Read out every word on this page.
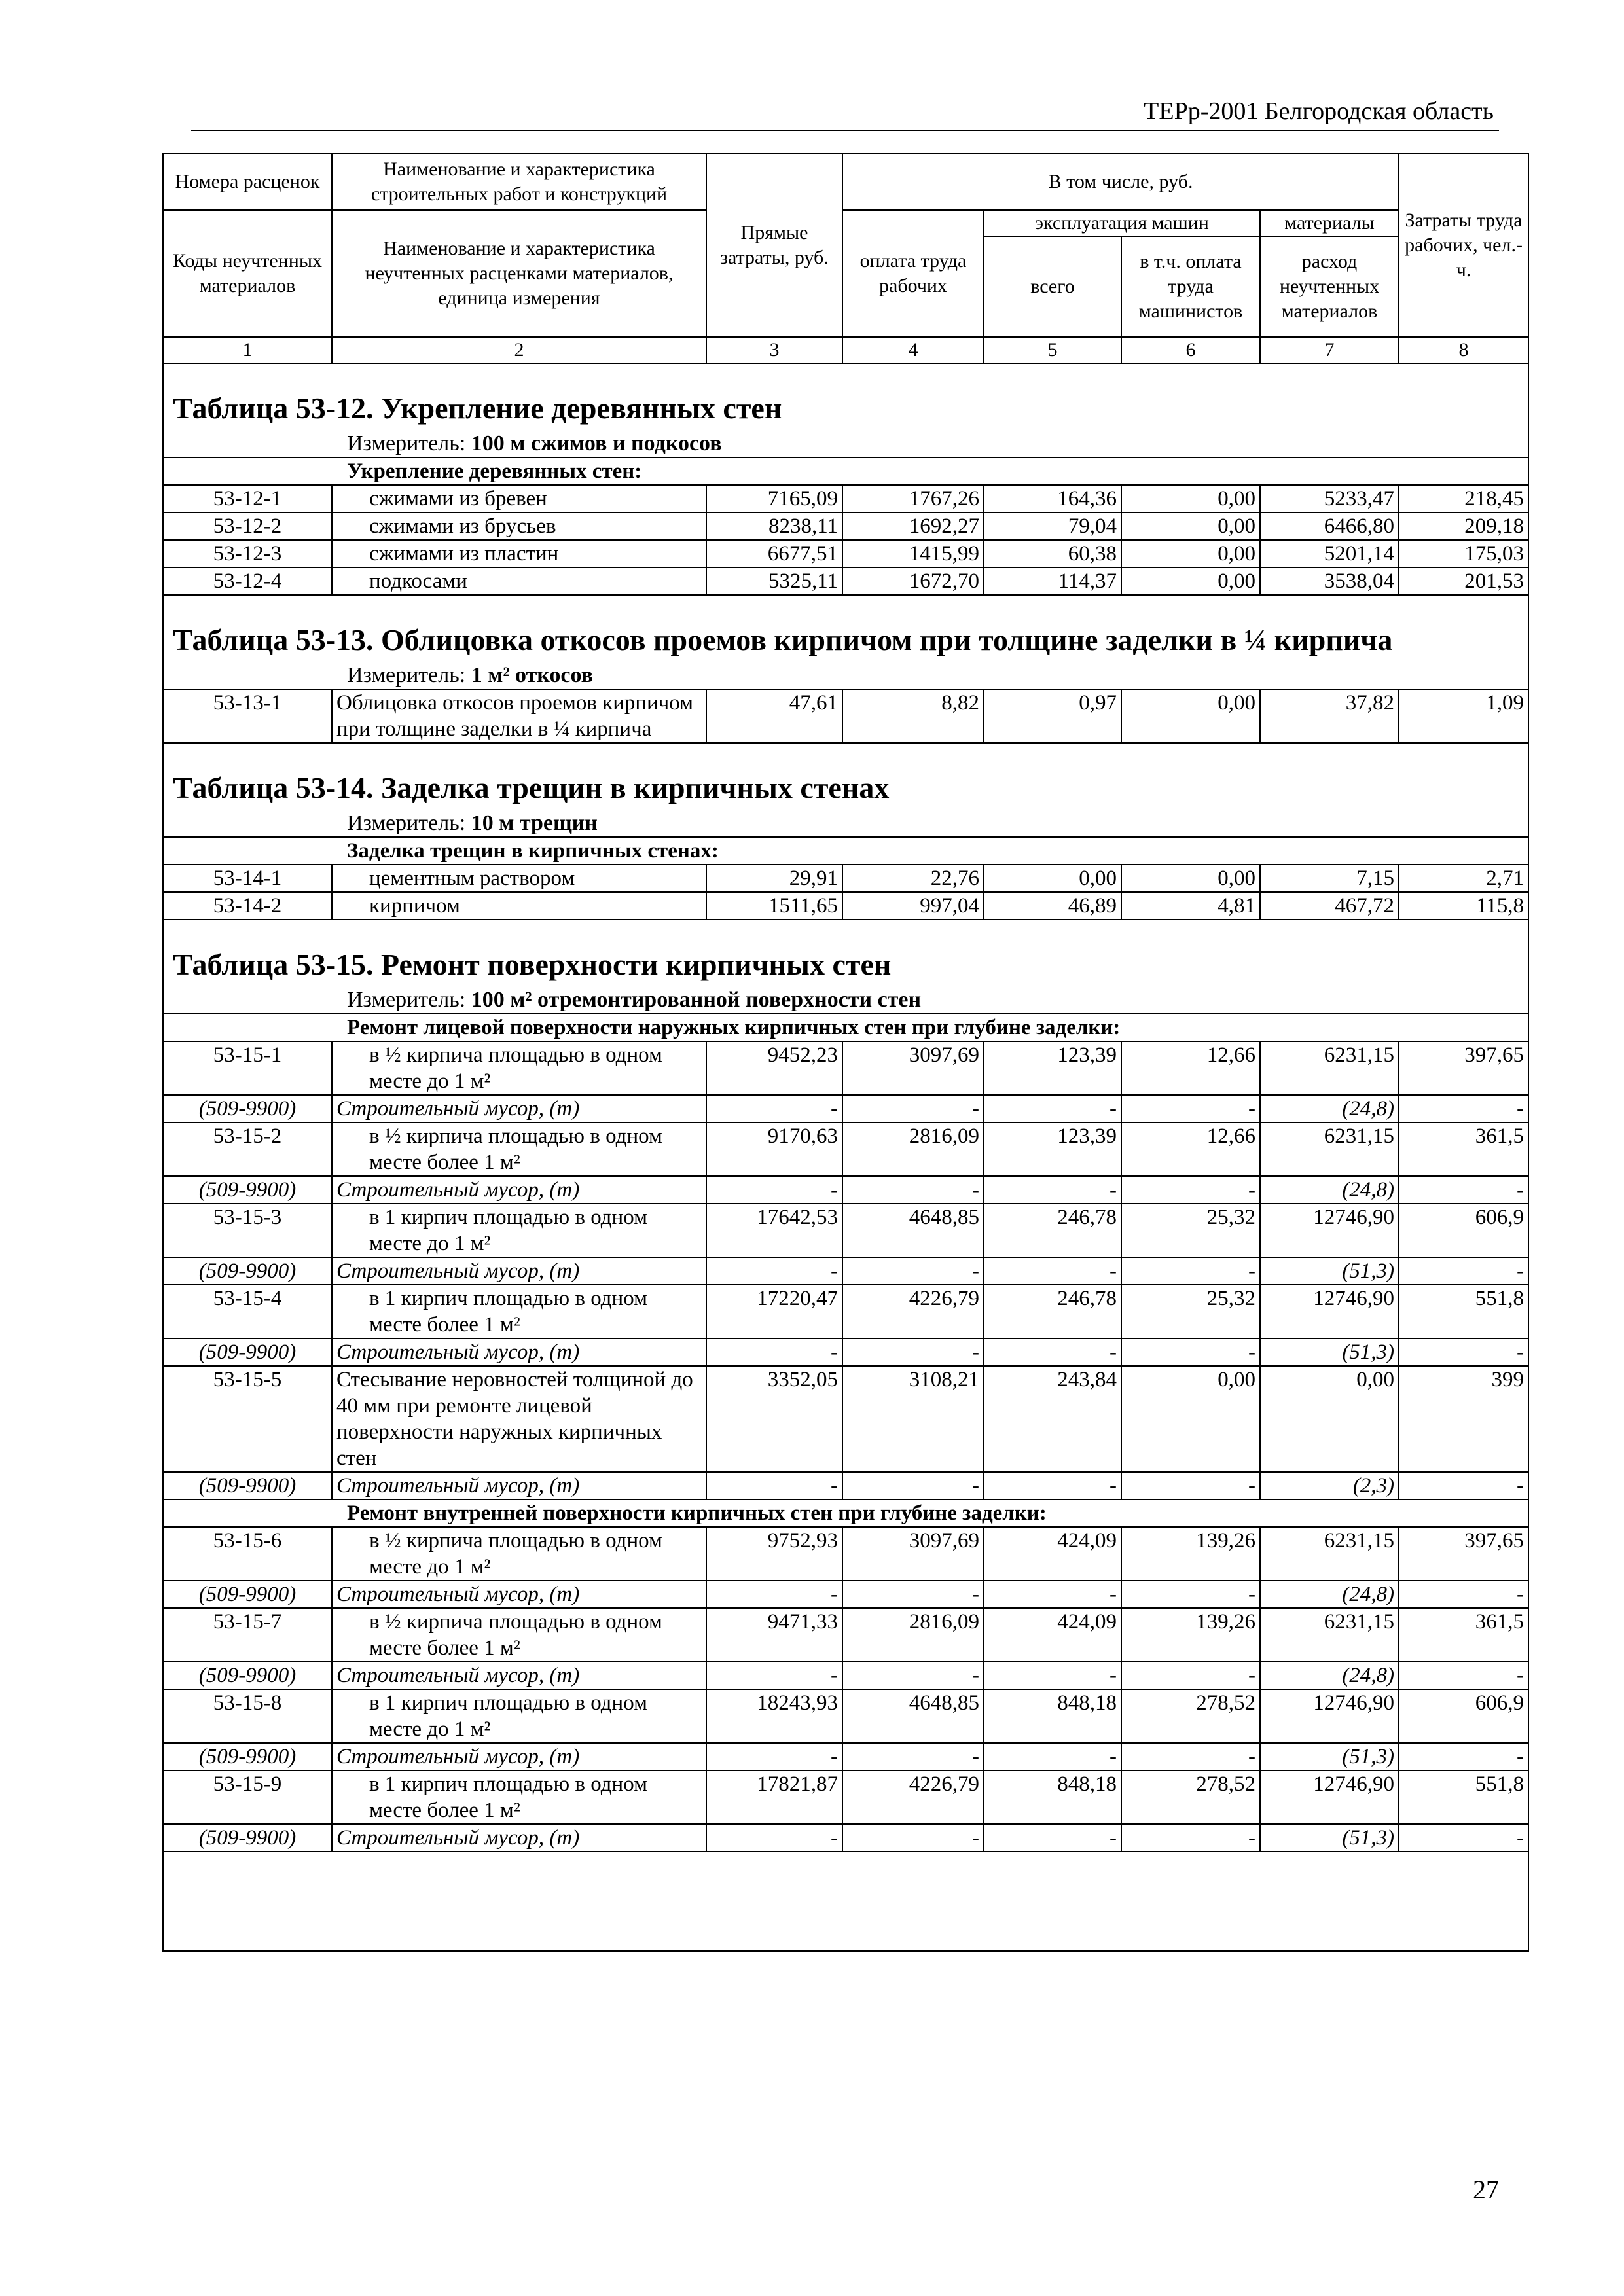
ТЕРр-2001 Белгородская область
Номера расценок	Наименование и характеристика строительных работ и конструкций	Прямые затраты, руб.	В том числе, руб.				Затраты труда рабочих, чел.-ч.
Коды неучтенных материалов	Наименование и характеристика неучтенных расценками материалов, единица измерения		оплата труда рабочих	эксплуатация машин		материалы	
				всего	в т.ч. оплата труда машинистов	расход неучтенных материалов	
1	2	3	4	5	6	7	8
Таблица 53-12. Укрепление деревянных стен							
Измеритель: 100 м сжимов и подкосов							
Укрепление деревянных стен:							
53-12-1	сжимами из бревен	7165,09	1767,26	164,36	0,00	5233,47	218,45
53-12-2	сжимами из брусьев	8238,11	1692,27	79,04	0,00	6466,80	209,18
53-12-3	сжимами из пластин	6677,51	1415,99	60,38	0,00	5201,14	175,03
53-12-4	подкосами	5325,11	1672,70	114,37	0,00	3538,04	201,53
Таблица 53-13. Облицовка откосов проемов кирпичом при толщине заделки в ¼ кирпича							
Измеритель: 1 м² откосов							
53-13-1	Облицовка откосов проемов кирпичом при толщине заделки в ¼ кирпича	47,61	8,82	0,97	0,00	37,82	1,09
Таблица 53-14. Заделка трещин в кирпичных стенах							
Измеритель: 10 м трещин							
Заделка трещин в кирпичных стенах:							
53-14-1	цементным раствором	29,91	22,76	0,00	0,00	7,15	2,71
53-14-2	кирпичом	1511,65	997,04	46,89	4,81	467,72	115,8
Таблица 53-15. Ремонт поверхности кирпичных стен							
Измеритель: 100 м² отремонтированной поверхности стен							
Ремонт лицевой поверхности наружных кирпичных стен при глубине заделки:							
53-15-1	в ½ кирпича площадью в одном месте до 1 м²	9452,23	3097,69	123,39	12,66	6231,15	397,65
(509-9900)	Строительный мусор, (т)	-	-	-	-	(24,8)	-
53-15-2	в ½ кирпича площадью в одном месте более 1 м²	9170,63	2816,09	123,39	12,66	6231,15	361,5
(509-9900)	Строительный мусор, (т)	-	-	-	-	(24,8)	-
53-15-3	в 1 кирпич площадью в одном месте до 1 м²	17642,53	4648,85	246,78	25,32	12746,90	606,9
(509-9900)	Строительный мусор, (т)	-	-	-	-	(51,3)	-
53-15-4	в 1 кирпич площадью в одном месте более 1 м²	17220,47	4226,79	246,78	25,32	12746,90	551,8
(509-9900)	Строительный мусор, (т)	-	-	-	-	(51,3)	-
53-15-5	Стесывание неровностей толщиной до 40 мм при ремонте лицевой поверхности наружных кирпичных стен	3352,05	3108,21	243,84	0,00	0,00	399
(509-9900)	Строительный мусор, (т)	-	-	-	-	(2,3)	-
Ремонт внутренней поверхности кирпичных стен при глубине заделки:							
53-15-6	в ½ кирпича площадью в одном месте до 1 м²	9752,93	3097,69	424,09	139,26	6231,15	397,65
(509-9900)	Строительный мусор, (т)	-	-	-	-	(24,8)	-
53-15-7	в ½ кирпича площадью в одном месте более 1 м²	9471,33	2816,09	424,09	139,26	6231,15	361,5
(509-9900)	Строительный мусор, (т)	-	-	-	-	(24,8)	-
53-15-8	в 1 кирпич площадью в одном месте до 1 м²	18243,93	4648,85	848,18	278,52	12746,90	606,9
(509-9900)	Строительный мусор, (т)	-	-	-	-	(51,3)	-
53-15-9	в 1 кирпич площадью в одном месте более 1 м²	17821,87	4226,79	848,18	278,52	12746,90	551,8
(509-9900)	Строительный мусор, (т)	-	-	-	-	(51,3)	-

27
